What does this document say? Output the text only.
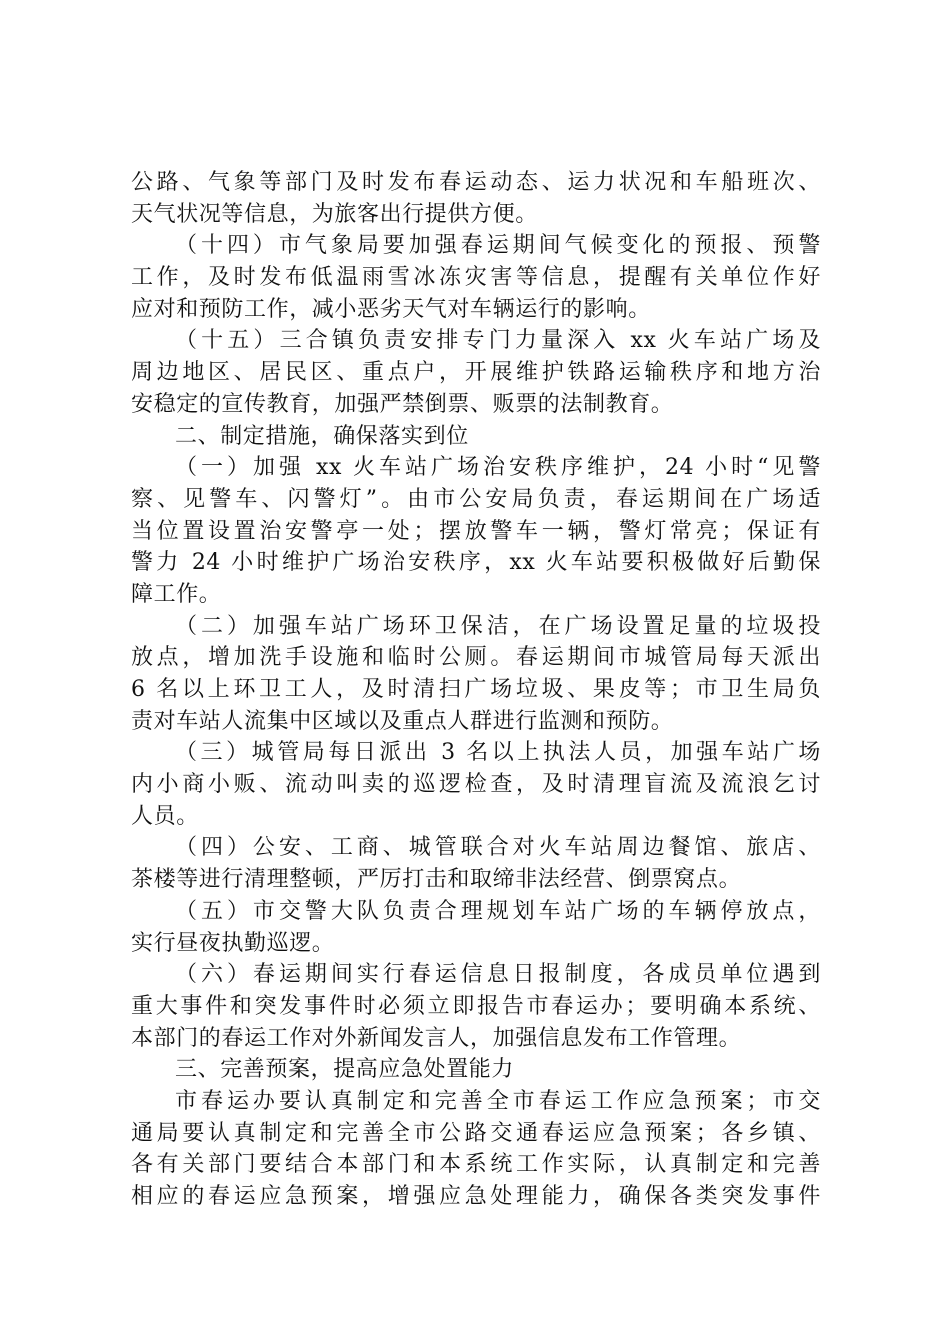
公路、气象等部门及时发布春运动态、运力状况和车船班次、
天气状况等信息，为旅客出行提供方便。
（十四）市气象局要加强春运期间气候变化的预报、预警
工作，及时发布低温雨雪冰冻灾害等信息，提醒有关单位作好
应对和预防工作，减小恶劣天气对车辆运行的影响。
（十五）三合镇负责安排专门力量深入 xx 火车站广场及
周边地区、居民区、重点户，开展维护铁路运输秩序和地方治
安稳定的宣传教育，加强严禁倒票、贩票的法制教育。
二、制定措施，确保落实到位
（一）加强 xx 火车站广场治安秩序维护，24 小时“见警
察、见警车、闪警灯”。由市公安局负责，春运期间在广场适
当位置设置治安警亭一处；摆放警车一辆，警灯常亮；保证有
警力 24 小时维护广场治安秩序，xx 火车站要积极做好后勤保
障工作。
（二）加强车站广场环卫保洁，在广场设置足量的垃圾投
放点，增加洗手设施和临时公厕。春运期间市城管局每天派出
6 名以上环卫工人，及时清扫广场垃圾、果皮等；市卫生局负
责对车站人流集中区域以及重点人群进行监测和预防。
（三）城管局每日派出 3 名以上执法人员，加强车站广场
内小商小贩、流动叫卖的巡逻检查，及时清理盲流及流浪乞讨
人员。
（四）公安、工商、城管联合对火车站周边餐馆、旅店、
茶楼等进行清理整顿，严厉打击和取缔非法经营、倒票窝点。
（五）市交警大队负责合理规划车站广场的车辆停放点，
实行昼夜执勤巡逻。
（六）春运期间实行春运信息日报制度，各成员单位遇到
重大事件和突发事件时必须立即报告市春运办；要明确本系统、
本部门的春运工作对外新闻发言人，加强信息发布工作管理。
三、完善预案，提高应急处置能力
市春运办要认真制定和完善全市春运工作应急预案；市交
通局要认真制定和完善全市公路交通春运应急预案；各乡镇、
各有关部门要结合本部门和本系统工作实际，认真制定和完善
相应的春运应急预案，增强应急处理能力，确保各类突发事件
